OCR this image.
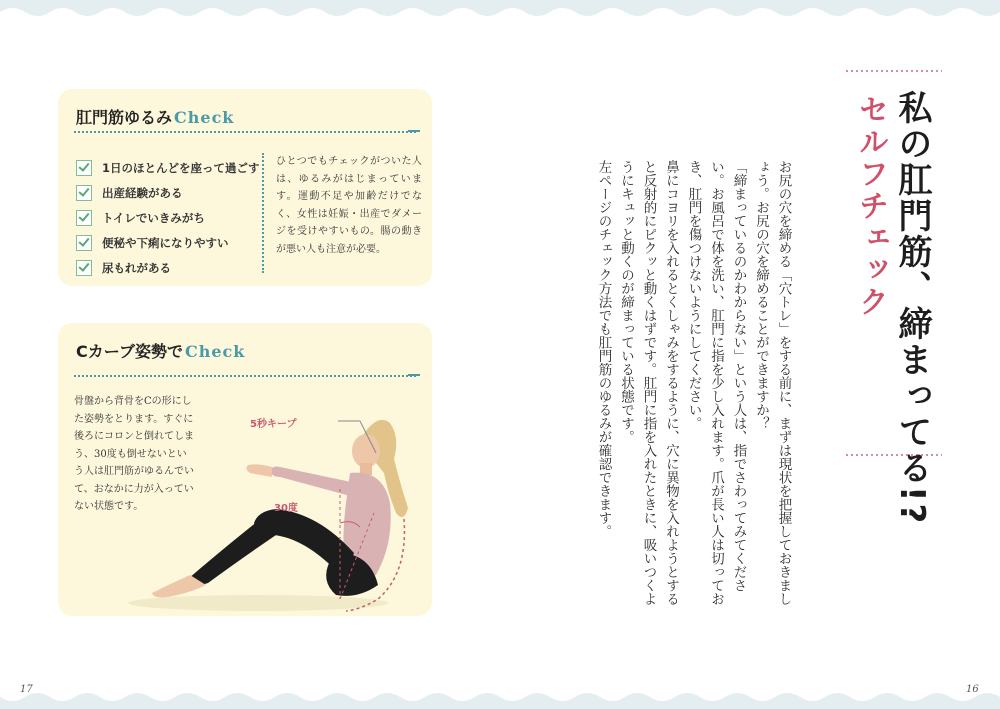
肛門筋ゆるみ Check
1日のほとんどを座って過ごす
出産経験がある
トイレでいきみがち
便秘や下痢になりやすい
尿もれがある
ひとつでもチェックがついた人は、ゆるみがはじまっています。運動不足や加齢だけでなく、女性は妊娠・出産でダメージを受けやすいもの。腸の動きが悪い人も注意が必要。
Cカーブ姿勢で Check
骨盤から背骨をCの形にした姿勢をとります。すぐに後ろにコロンと倒れてしまう、30度も倒せないという人は肛門筋がゆるんでいて、おなかに力が入っていない状態です。
5秒キープ
30度	私の肛門筋、締まってる!?
セルフチェック

お尻の穴を締める「穴トレ」をする前に、まずは現状を把握しておきましょう。お尻の穴を締めることができますか？

「締まっているのかわからない」という人は、指でさわってみてください。お風呂で体を洗い、肛門に指を少し入れます。爪が長い人は切っておき、肛門を傷つけないようにしてください。

鼻にコヨリを入れるとくしゃみをするように、穴に異物を入れようとすると反射的にピクッと動くはずです。肛門に指を入れたときに、吸いつくようにキュッと動くのが締まっている状態です。

左ページのチェック方法でも肛門筋のゆるみが確認できます。

17	16
